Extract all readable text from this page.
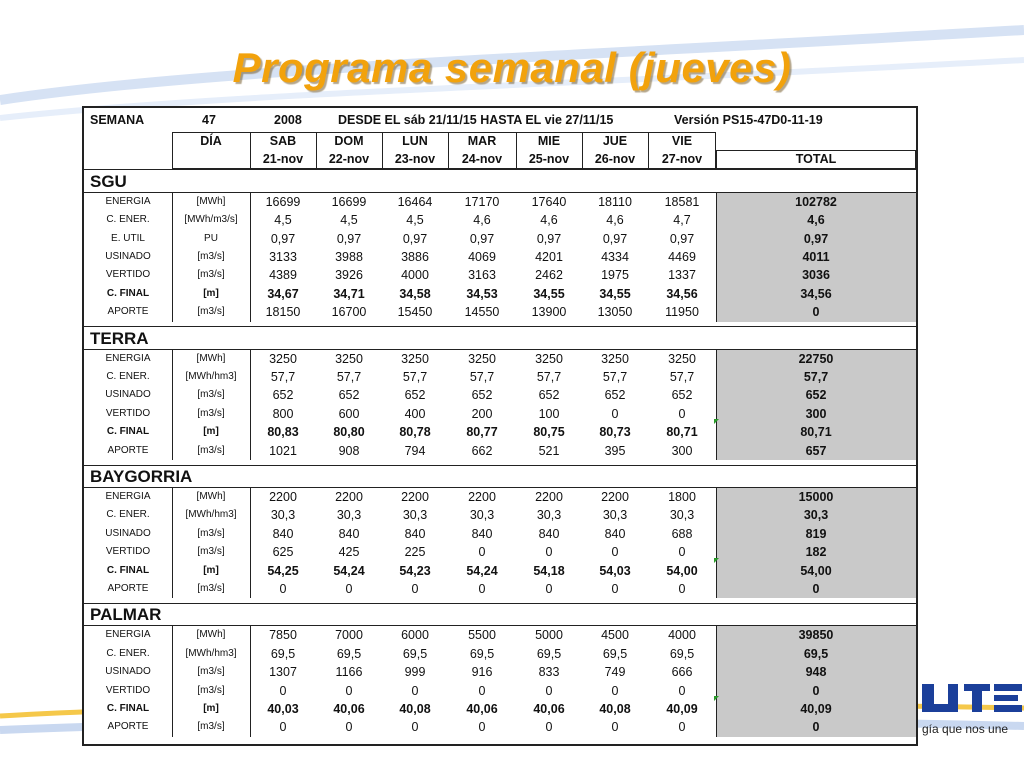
Programa semanal (jueves)
gía que nos une
SEMANA	47	2008	DESDE EL sáb 21/11/15 HASTA EL vie 27/11/15	Versión PS15-47D0-11-19
DÍA	SAB	DOM	LUN	MAR	MIE	JUE	VIE
21-nov	22-nov	23-nov	24-nov	25-nov	26-nov	27-nov	TOTAL
SGU
ENERGIA	[MWh]	16699	16699	16464	17170	17640	18110	18581	102782
C. ENER.	[MWh/m3/s]	4,5	4,5	4,5	4,6	4,6	4,6	4,7	4,6
E. UTIL	PU	0,97	0,97	0,97	0,97	0,97	0,97	0,97	0,97
USINADO	[m3/s]	3133	3988	3886	4069	4201	4334	4469	4011
VERTIDO	[m3/s]	4389	3926	4000	3163	2462	1975	1337	3036
C. FINAL	[m]	34,67	34,71	34,58	34,53	34,55	34,55	34,56	34,56
APORTE	[m3/s]	18150	16700	15450	14550	13900	13050	11950	0
TERRA
ENERGIA	[MWh]	3250	3250	3250	3250	3250	3250	3250	22750
C. ENER.	[MWh/hm3]	57,7	57,7	57,7	57,7	57,7	57,7	57,7	57,7
USINADO	[m3/s]	652	652	652	652	652	652	652	652
VERTIDO	[m3/s]	800	600	400	200	100	0	0	300
C. FINAL	[m]	80,83	80,80	80,78	80,77	80,75	80,73	80,71	80,71
APORTE	[m3/s]	1021	908	794	662	521	395	300	657
BAYGORRIA
ENERGIA	[MWh]	2200	2200	2200	2200	2200	2200	1800	15000
C. ENER.	[MWh/hm3]	30,3	30,3	30,3	30,3	30,3	30,3	30,3	30,3
USINADO	[m3/s]	840	840	840	840	840	840	688	819
VERTIDO	[m3/s]	625	425	225	0	0	0	0	182
C. FINAL	[m]	54,25	54,24	54,23	54,24	54,18	54,03	54,00	54,00
APORTE	[m3/s]	0	0	0	0	0	0	0	0
PALMAR
ENERGIA	[MWh]	7850	7000	6000	5500	5000	4500	4000	39850
C. ENER.	[MWh/hm3]	69,5	69,5	69,5	69,5	69,5	69,5	69,5	69,5
USINADO	[m3/s]	1307	1166	999	916	833	749	666	948
VERTIDO	[m3/s]	0	0	0	0	0	0	0	0
C. FINAL	[m]	40,03	40,06	40,08	40,06	40,06	40,08	40,09	40,09
APORTE	[m3/s]	0	0	0	0	0	0	0	0
